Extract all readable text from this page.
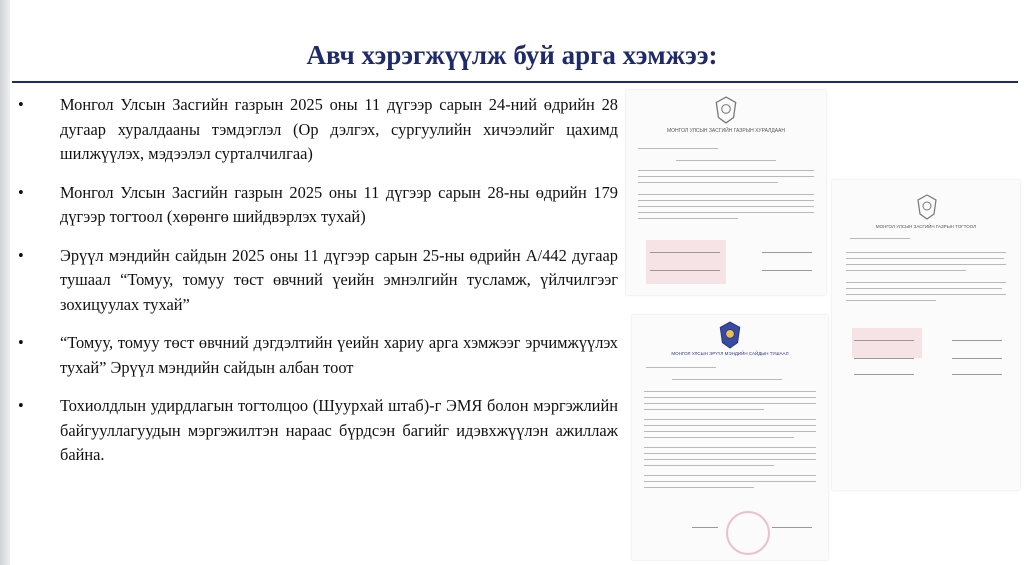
Авч хэрэгжүүлж буй арга хэмжээ:
• Монгол Улсын Засгийн газрын 2025 оны 11 дүгээр сарын 24-ний өдрийн 28 дугаар хуралдааны тэмдэглэл (Ор дэлгэх, сургуулийн хичээлийг цахимд шилжүүлэх, мэдээлэл сурталчилгаа)
• Монгол Улсын Засгийн газрын 2025 оны 11 дүгээр сарын 28-ны өдрийн 179 дүгээр тогтоол (хөрөнгө шийдвэрлэх тухай)
• Эрүүл мэндийн сайдын 2025 оны 11 дүгээр сарын 25-ны өдрийн А/442 дугаар тушаал “Томуу, томуу төст өвчний үеийн эмнэлгийн тусламж, үйлчилгээг зохицуулах тухай”
• “Томуу, томуу төст өвчний дэгдэлтийн үеийн хариу арга хэмжээг эрчимжүүлэх тухай” Эрүүл мэндийн сайдын албан тоот
• Тохиолдлын удирдлагын тогтолцоо (Шуурхай штаб)-г ЭМЯ болон мэргэжлийн байгууллагуудын мэргэжилтэн нараас бүрдсэн багийг идэвхжүүлэн ажиллаж байна.
МОНГОЛ УЛСЫН ЗАСГИЙН ГАЗРЫН ТОГТООЛ
МОНГОЛ УЛСЫН ЗАСГИЙН ГАЗРЫН ХУРАЛДААН
МОНГОЛ УЛСЫН ЭРҮҮЛ МЭНДИЙН САЙДЫН ТУШААЛ
